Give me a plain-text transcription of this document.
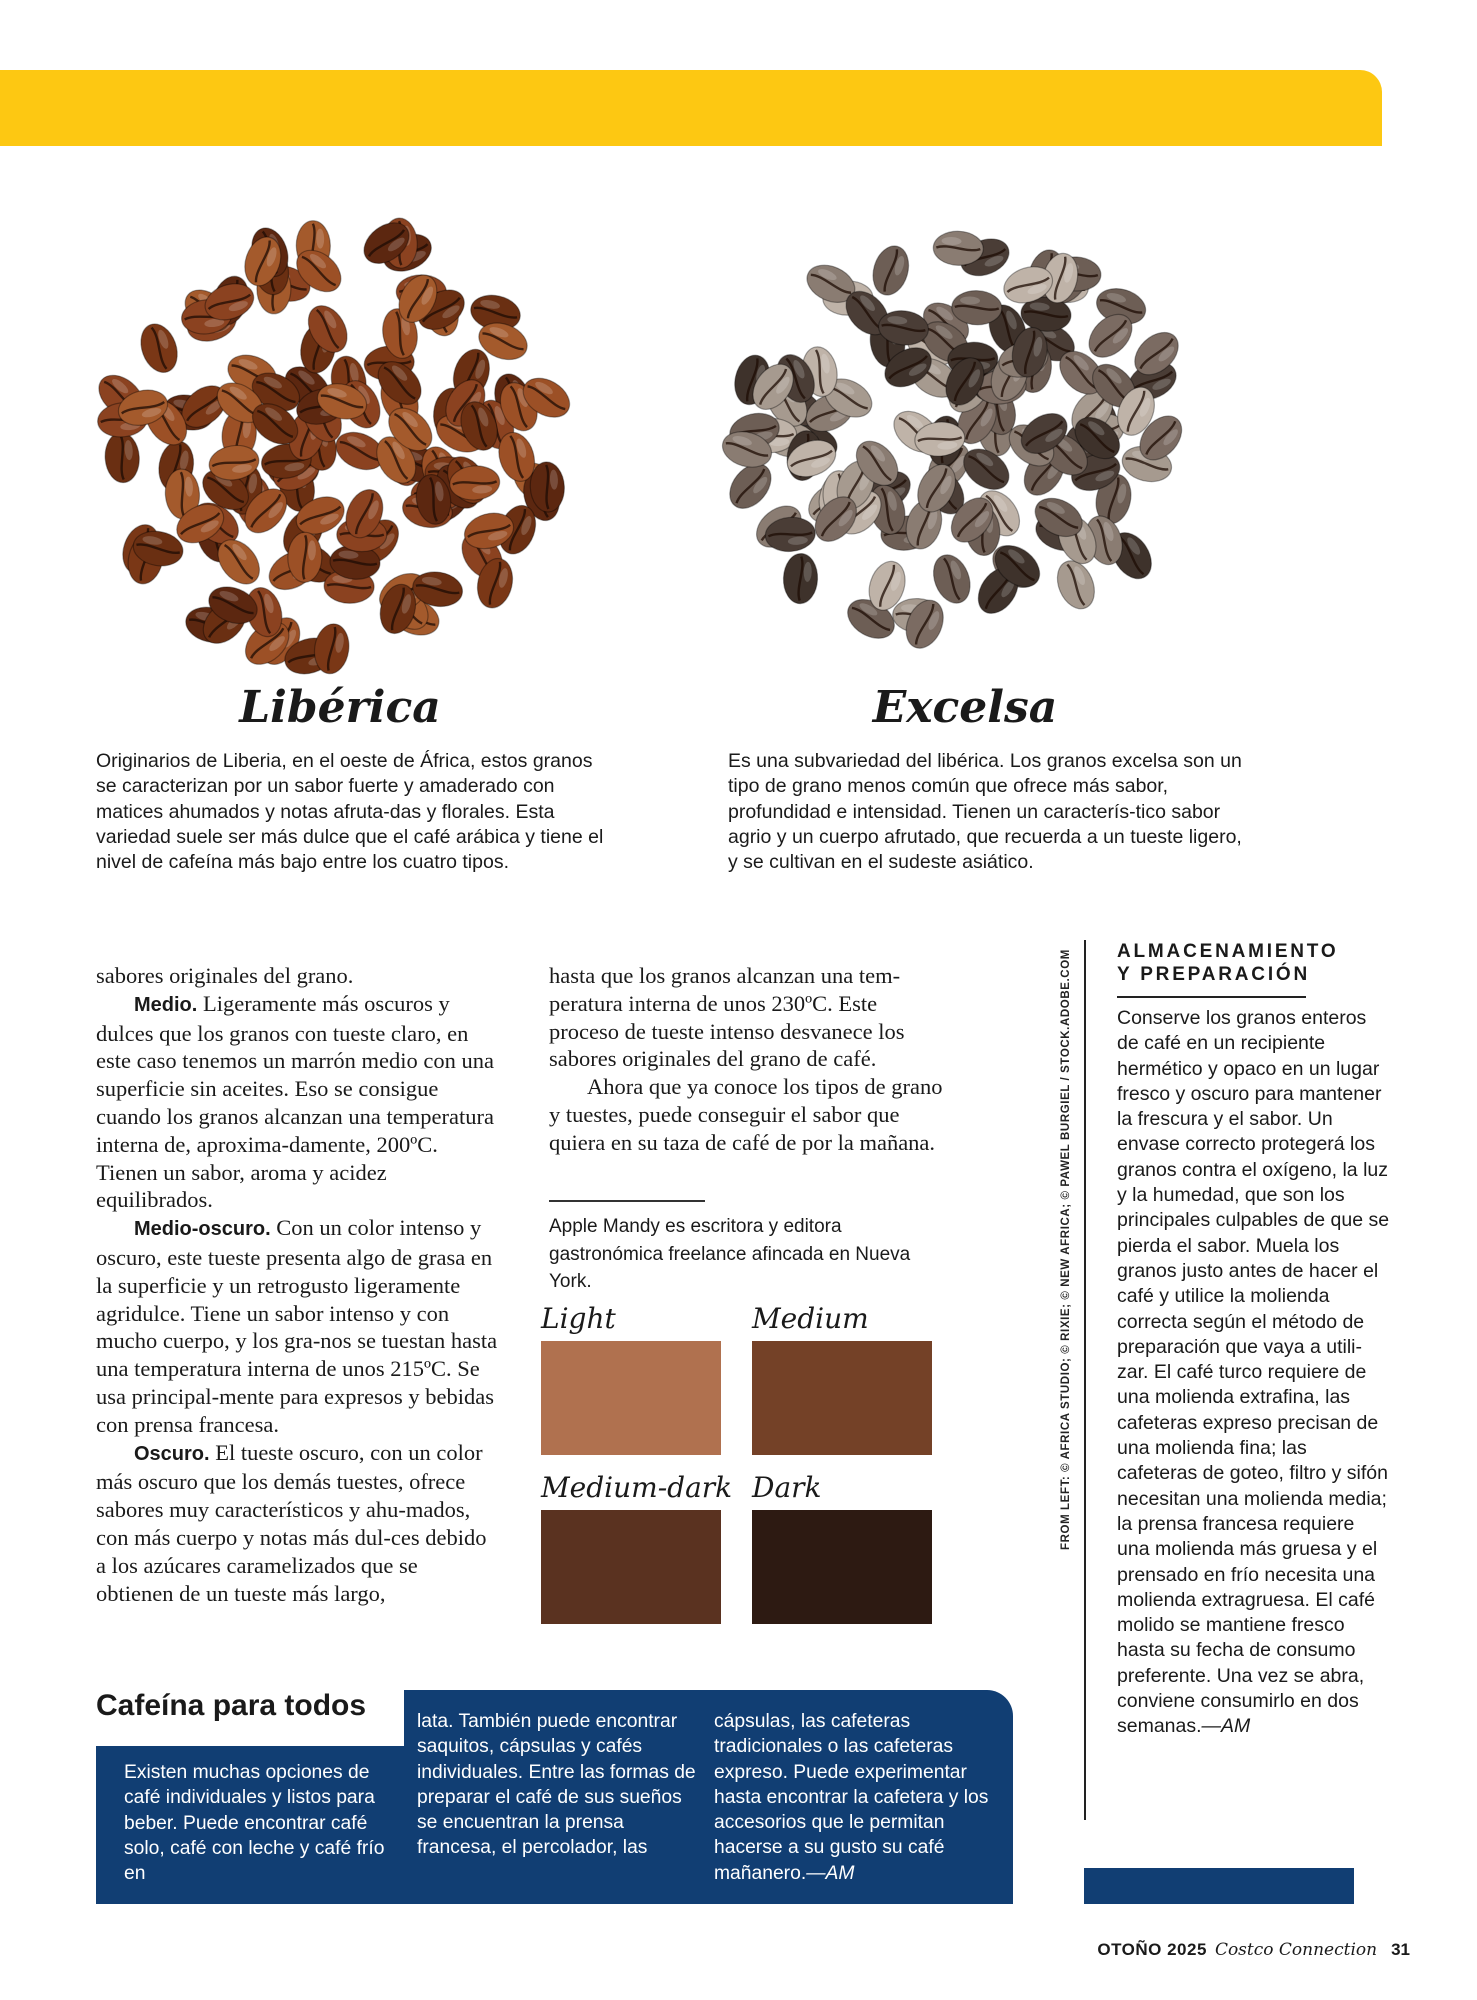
Libérica
Originarios de Liberia, en el oeste de África, estos granos se caracterizan por un sabor fuerte y amaderado con matices ahumados y notas afruta-das y florales. Esta variedad suele ser más dulce que el café arábica y tiene el nivel de cafeína más bajo entre los cuatro tipos.
Excelsa
Es una subvariedad del libérica. Los granos excelsa son un tipo de grano menos común que ofrece más sabor, profundidad e intensidad. Tienen un caracterís-tico sabor agrio y un cuerpo afrutado, que recuerda a un tueste ligero, y se cultivan en el sudeste asiático.

sabores originales del grano.

Medio. Ligeramente más oscuros y dulces que los granos con tueste claro, en este caso tenemos un marrón medio con una superficie sin aceites. Eso se consigue cuando los granos alcanzan una temperatura interna de, aproxima-damente, 200ºC. Tienen un sabor, aroma y acidez equilibrados.

Medio-oscuro. Con un color intenso y oscuro, este tueste presenta algo de grasa en la superficie y un retrogusto ligeramente agridulce. Tiene un sabor intenso y con mucho cuerpo, y los gra-nos se tuestan hasta una temperatura interna de unos 215ºC. Se usa principal-mente para expresos y bebidas con prensa francesa.

Oscuro. El tueste oscuro, con un color más oscuro que los demás tuestes, ofrece sabores muy característicos y ahu-mados, con más cuerpo y notas más dul-ces debido a los azúcares caramelizados que se obtienen de un tueste más largo,

hasta que los granos alcanzan una tem-peratura interna de unos 230ºC. Este proceso de tueste intenso desvanece los sabores originales del grano de café.

Ahora que ya conoce los tipos de grano y tuestes, puede conseguir el sabor que quiera en su taza de café de por la mañana.

Apple Mandy es escritora y editora gastronómica freelance afincada en Nueva York.
Light	Medium
Medium-dark Dark	FROM LEFT: © AFRICA STUDIO; © RIXIE; © NEW AFRICA; © PAWEL BURGIEL / STOCK.ADOBE.COM ALMACENAMIENTO
Y PREPARACIÓN
Conserve los granos enteros de café en un recipiente hermético y opaco en un lugar fresco y oscuro para mantener la frescura y el sabor. Un envase correcto protegerá los granos contra el oxígeno, la luz y la humedad, que son los principales culpables de que se pierda el sabor. Muela los granos justo antes de hacer el café y utilice la molienda correcta según el método de preparación que vaya a utili-zar. El café turco requiere de una molienda extrafina, las cafeteras expreso precisan de una molienda fina; las cafeteras de goteo, filtro y sifón necesitan una molienda media; la prensa francesa requiere una molienda más gruesa y el prensado en frío necesita una molienda extragruesa. El café molido se mantiene fresco hasta su fecha de consumo preferente. Una vez se abra, conviene consumirlo en dos semanas.—AM
Cafeína para todos
Existen muchas opciones de café individuales y listos para beber. Puede encontrar café solo, café con leche y café frío en
lata. También puede encontrar saquitos, cápsulas y cafés individuales. Entre las formas de preparar el café de sus sueños se encuentran la prensa francesa, el percolador, las
cápsulas, las cafeteras tradicionales o las cafeteras expreso. Puede experimentar hasta encontrar la cafetera y los accesorios que le permitan hacerse a su gusto su café mañanero.—AM
OTOÑO 2025 Costco Connection 31
